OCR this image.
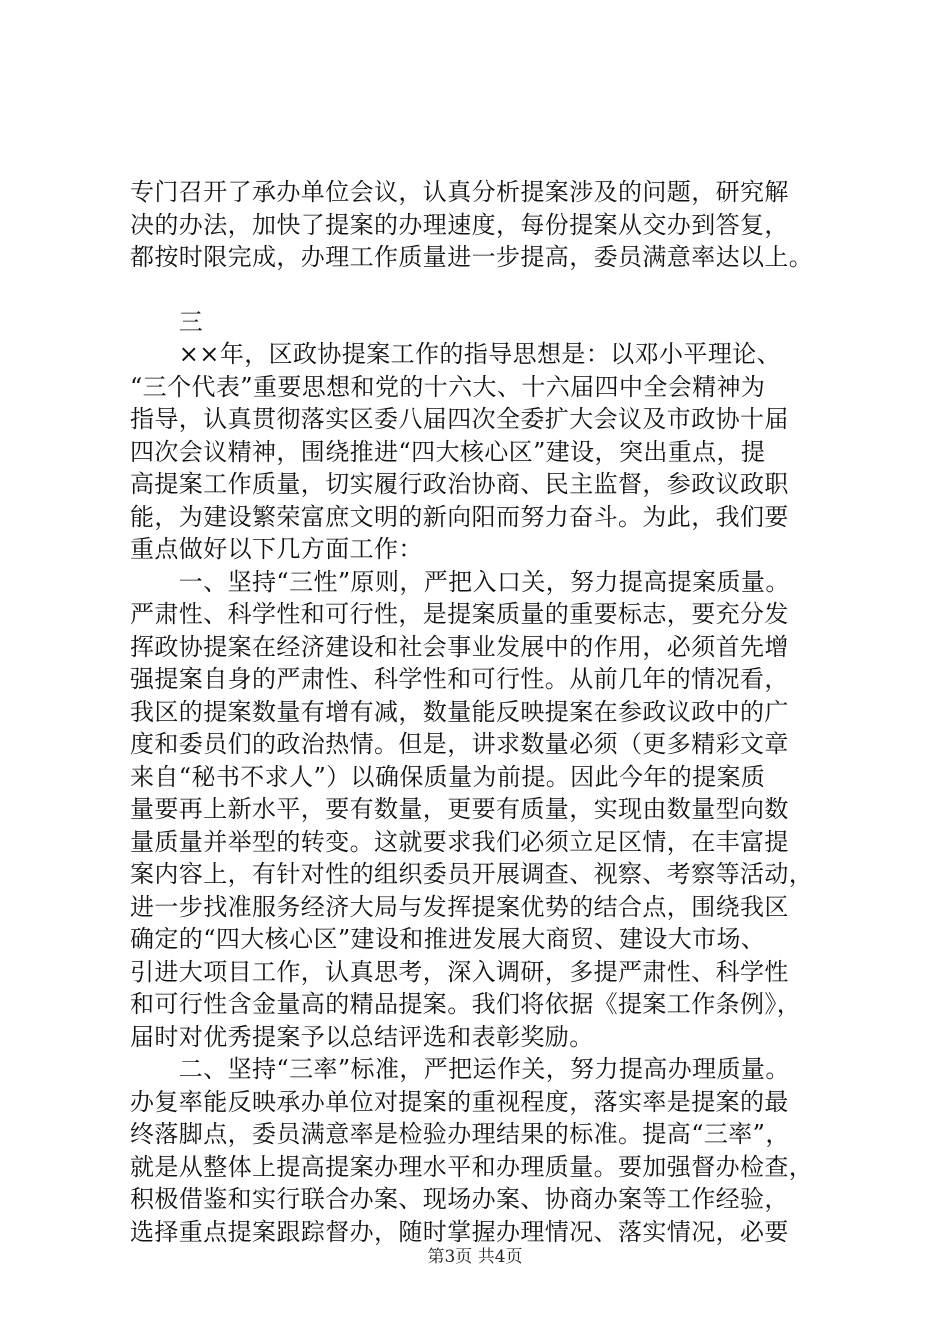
专门召开了承办单位会议，认真分析提案涉及的问题，研究解
决的办法，加快了提案的办理速度，每份提案从交办到答复，
都按时限完成，办理工作质量进一步提高，委员满意率达以上。
　　三
　　××年，区政协提案工作的指导思想是：以邓小平理论、
“三个代表”重要思想和党的十六大、十六届四中全会精神为
指导，认真贯彻落实区委八届四次全委扩大会议及市政协十届
四次会议精神，围绕推进“四大核心区”建设，突出重点，提
高提案工作质量，切实履行政治协商、民主监督，参政议政职
能，为建设繁荣富庶文明的新向阳而努力奋斗。为此，我们要
重点做好以下几方面工作：
　　一、坚持“三性”原则，严把入口关，努力提高提案质量。
严肃性、科学性和可行性，是提案质量的重要标志，要充分发
挥政协提案在经济建设和社会事业发展中的作用，必须首先增
强提案自身的严肃性、科学性和可行性。从前几年的情况看，
我区的提案数量有增有减，数量能反映提案在参政议政中的广
度和委员们的政治热情。但是，讲求数量必须（更多精彩文章
来自“秘书不求人”）以确保质量为前提。因此今年的提案质
量要再上新水平，要有数量，更要有质量，实现由数量型向数
量质量并举型的转变。这就要求我们必须立足区情，在丰富提
案内容上，有针对性的组织委员开展调查、视察、考察等活动，
进一步找准服务经济大局与发挥提案优势的结合点，围绕我区
确定的“四大核心区”建设和推进发展大商贸、建设大市场、
引进大项目工作，认真思考，深入调研，多提严肃性、科学性
和可行性含金量高的精品提案。我们将依据《提案工作条例》，
届时对优秀提案予以总结评选和表彰奖励。
　　二、坚持“三率”标准，严把运作关，努力提高办理质量。
办复率能反映承办单位对提案的重视程度，落实率是提案的最
终落脚点，委员满意率是检验办理结果的标准。提高“三率”，
就是从整体上提高提案办理水平和办理质量。要加强督办检查，
积极借鉴和实行联合办案、现场办案、协商办案等工作经验，
选择重点提案跟踪督办，随时掌握办理情况、落实情况，必要
第3页 共4页
